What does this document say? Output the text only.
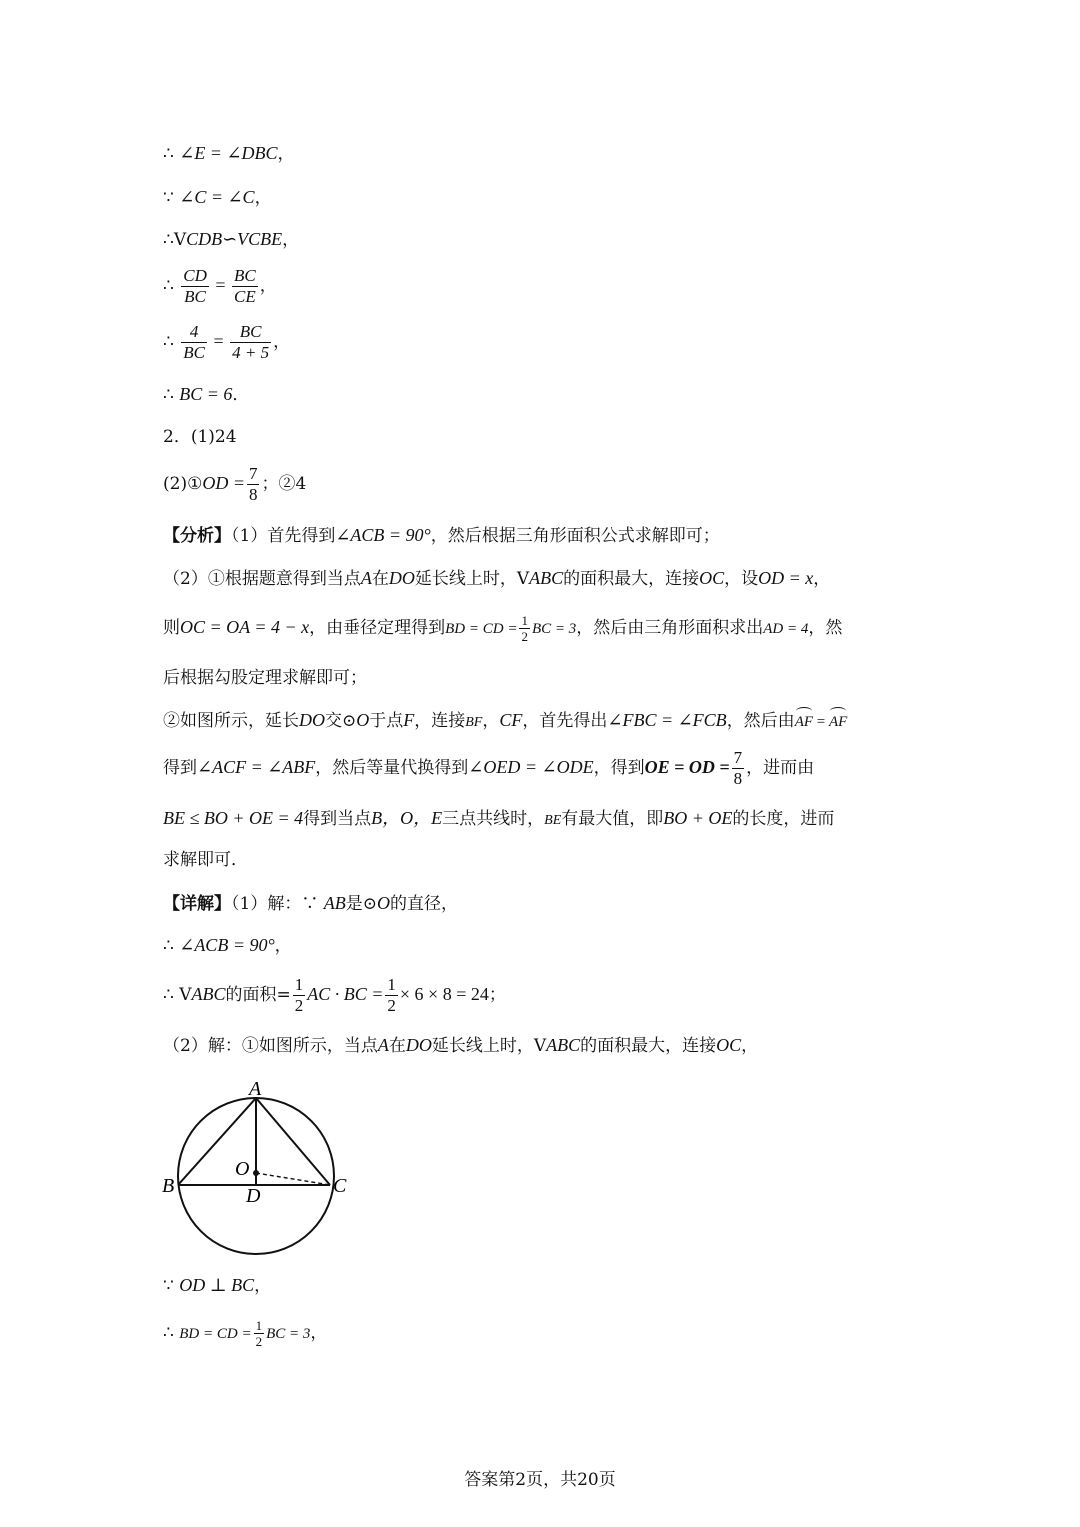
∴ ∠E = ∠DBC，
∵ ∠C = ∠C，
∴VCDB∽VCBE，
∴ $\frac{CD}{BC} = \frac{BC}{CE}$ ，
∴ $\frac{4}{BC} = \frac{BC}{4 + 5}$ ，
∴ BC = 6．
2．(1)24
(2)①OD = $\frac{7}{8}$ ；②4
【分析】（1）首先得到∠ACB = 90°，然后根据三角形面积公式求解即可；
（2）①根据题意得到当点A在DO延长线上时，VABC的面积最大，连接OC，设OD = x，
则OC = OA = 4 − x，由垂径定理得到BD = CD = $\frac{1}{2}$ BC = 3，然后由三角形面积求出AD = 4，然
后根据勾股定理求解即可；
②如图所示，延长DO交⊙O于点F，连接BF，CF，首先得出∠FBC = ∠FCB，然后由AF = AF
得到∠ACF = ∠ABF，然后等量代换得到∠OED = ∠ODE，得到OE = OD = $\frac{7}{8}$ ，进而由
BE ≤ BO + OE = 4得到当点B，O，E三点共线时，BE有最大值，即BO + OE的长度，进而
求解即可．
【详解】（1）解：∵ AB是⊙O的直径，
∴ ∠ACB = 90°，
∴ VABC的面积= $\frac{1}{2}$ AC · BC = $\frac{1}{2} \times 6 \times 8 = 24$；
（2）解：①如图所示，当点A在DO延长线上时，VABC的面积最大，连接OC，
A
B	C
D
O
∵ OD ⊥ BC，
∴ BD = CD = $\frac{1}{2}$ BC = 3，
答案第2页，共20页
